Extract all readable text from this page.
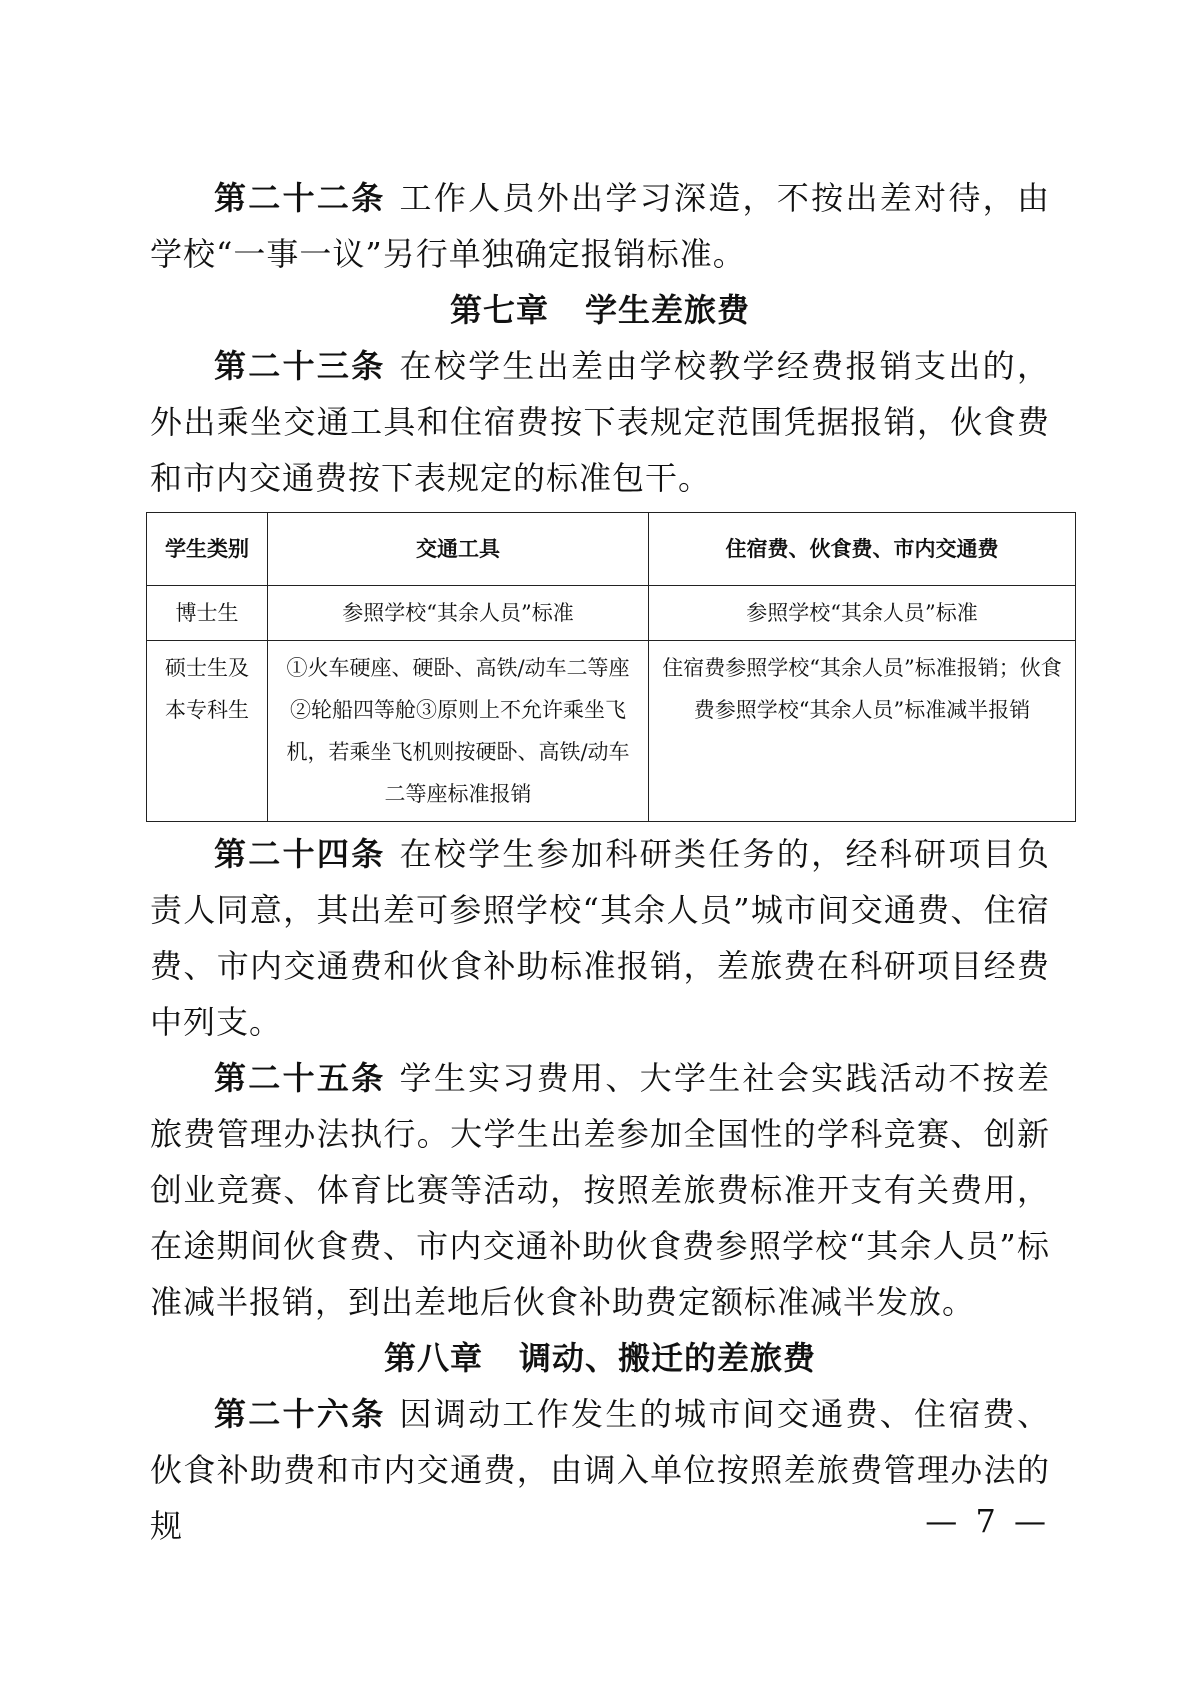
第二十二条 工作人员外出学习深造，不按出差对待，由学校“一事一议”另行单独确定报销标准。

第七章 学生差旅费

第二十三条 在校学生出差由学校教学经费报销支出的，外出乘坐交通工具和住宿费按下表规定范围凭据报销，伙食费和市内交通费按下表规定的标准包干。

学生类别	交通工具	住宿费、伙食费、市内交通费
博士生	参照学校“其余人员”标准	参照学校“其余人员”标准
硕士生及本专科生	①火车硬座、硬卧、高铁/动车二等座②轮船四等舱③原则上不允许乘坐飞机，若乘坐飞机则按硬卧、高铁/动车二等座标准报销	住宿费参照学校“其余人员”标准报销；伙食费参照学校“其余人员”标准减半报销

第二十四条 在校学生参加科研类任务的，经科研项目负责人同意，其出差可参照学校“其余人员”城市间交通费、住宿费、市内交通费和伙食补助标准报销，差旅费在科研项目经费中列支。

第二十五条 学生实习费用、大学生社会实践活动不按差旅费管理办法执行。大学生出差参加全国性的学科竞赛、创新创业竞赛、体育比赛等活动，按照差旅费标准开支有关费用，在途期间伙食费、市内交通补助伙食费参照学校“其余人员”标准减半报销，到出差地后伙食补助费定额标准减半发放。

第八章 调动、搬迁的差旅费

第二十六条 因调动工作发生的城市间交通费、住宿费、伙食补助费和市内交通费，由调入单位按照差旅费管理办法的规	— 7 —
